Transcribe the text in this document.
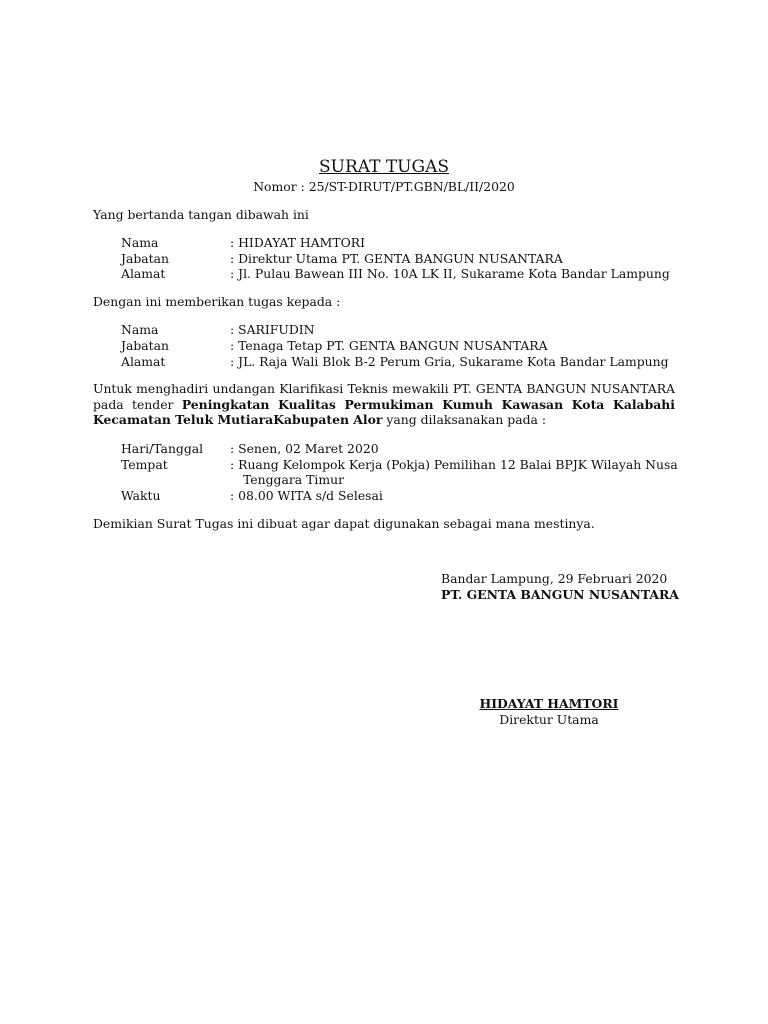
SURAT TUGAS
Nomor : 25/ST-DIRUT/PT.GBN/BL/II/2020
Yang bertanda tangan dibawah ini
Nama	: HIDAYAT HAMTORI
Jabatan	: Direktur Utama PT. GENTA BANGUN NUSANTARA
Alamat	: Jl. Pulau Bawean III No. 10A LK II, Sukarame Kota Bandar Lampung
Dengan ini memberikan tugas kepada :
Nama	: SARIFUDIN
Jabatan	: Tenaga Tetap PT. GENTA BANGUN NUSANTARA
Alamat	: JL. Raja Wali Blok B-2 Perum Gria, Sukarame Kota Bandar Lampung
Untuk menghadiri undangan Klarifikasi Teknis mewakili PT. GENTA BANGUN NUSANTARA
pada tender Peningkatan Kualitas Permukiman Kumuh Kawasan Kota Kalabahi
Kecamatan Teluk MutiaraKabupaten Alor yang dilaksanakan pada :
Hari/Tanggal : Senen, 02 Maret 2020
Tempat	: Ruang Kelompok Kerja (Pokja) Pemilihan 12 Balai BPJK Wilayah Nusa
Tenggara Timur
Waktu	: 08.00 WITA s/d Selesai
Demikian Surat Tugas ini dibuat agar dapat digunakan sebagai mana mestinya.
Bandar Lampung, 29 Februari 2020
PT. GENTA BANGUN NUSANTARA
HIDAYAT HAMTORI
Direktur Utama
